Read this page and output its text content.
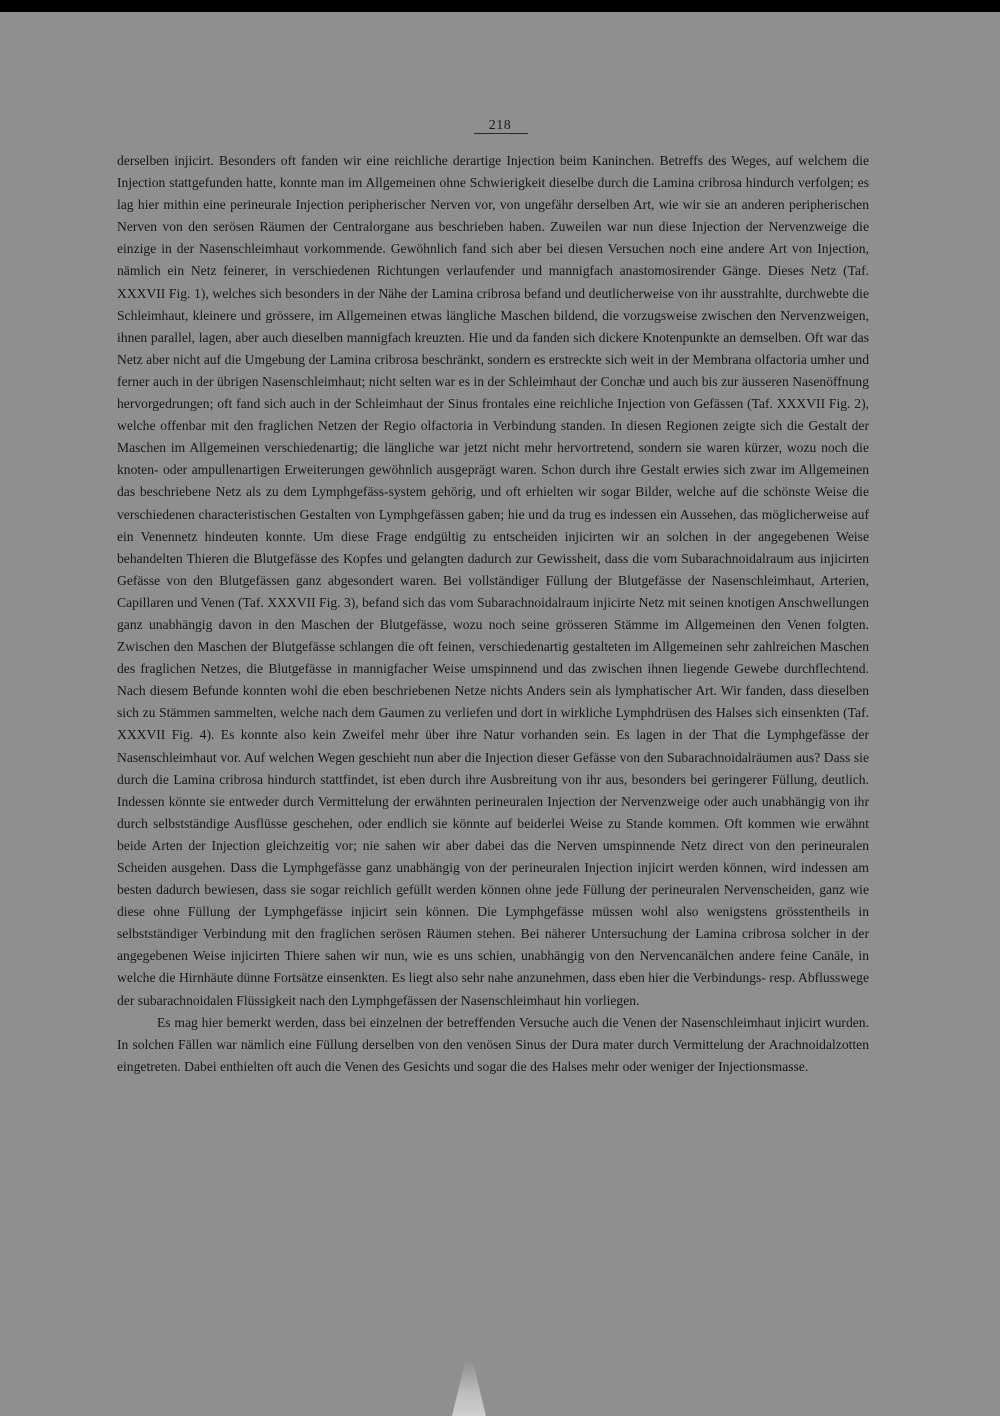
218

derselben injicirt. Besonders oft fanden wir eine reichliche derartige Injection beim Kaninchen. Betreffs des Weges, auf welchem die Injection stattgefunden hatte, konnte man im Allgemeinen ohne Schwierigkeit dieselbe durch die Lamina cribrosa hindurch verfolgen; es lag hier mithin eine perineurale Injection peripherischer Nerven vor, von ungefähr derselben Art, wie wir sie an anderen peripherischen Nerven von den serösen Räumen der Centralorgane aus beschrieben haben. Zuweilen war nun diese Injection der Nervenzweige die einzige in der Nasenschleimhaut vorkommende. Gewöhnlich fand sich aber bei diesen Versuchen noch eine andere Art von Injection, nämlich ein Netz feinerer, in verschiedenen Richtungen verlaufender und mannigfach anastomosirender Gänge. Dieses Netz (Taf. XXXVII Fig. 1), welches sich besonders in der Nähe der Lamina cribrosa befand und deutlicherweise von ihr ausstrahlte, durchwebte die Schleimhaut, kleinere und grössere, im Allgemeinen etwas längliche Maschen bildend, die vorzugsweise zwischen den Nervenzweigen, ihnen parallel, lagen, aber auch dieselben mannigfach kreuzten. Hie und da fanden sich dickere Knotenpunkte an demselben. Oft war das Netz aber nicht auf die Umgebung der Lamina cribrosa beschränkt, sondern es erstreckte sich weit in der Membrana olfactoria umher und ferner auch in der übrigen Nasenschleimhaut; nicht selten war es in der Schleimhaut der Conchæ und auch bis zur äusseren Nasenöffnung hervorgedrungen; oft fand sich auch in der Schleimhaut der Sinus frontales eine reichliche Injection von Gefässen (Taf. XXXVII Fig. 2), welche offenbar mit den fraglichen Netzen der Regio olfactoria in Verbindung standen. In diesen Regionen zeigte sich die Gestalt der Maschen im Allgemeinen verschiedenartig; die längliche war jetzt nicht mehr hervortretend, sondern sie waren kürzer, wozu noch die knoten- oder ampullenartigen Erweiterungen gewöhnlich ausgeprägt waren. Schon durch ihre Gestalt erwies sich zwar im Allgemeinen das beschriebene Netz als zu dem Lymphgefäss-system gehörig, und oft erhielten wir sogar Bilder, welche auf die schönste Weise die verschiedenen characteristischen Gestalten von Lymphgefässen gaben; hie und da trug es indessen ein Aussehen, das möglicherweise auf ein Venennetz hindeuten konnte. Um diese Frage endgültig zu entscheiden injicirten wir an solchen in der angegebenen Weise behandelten Thieren die Blutgefässe des Kopfes und gelangten dadurch zur Gewissheit, dass die vom Subarachnoidalraum aus injicirten Gefässe von den Blutgefässen ganz abgesondert waren. Bei vollständiger Füllung der Blutgefässe der Nasenschleimhaut, Arterien, Capillaren und Venen (Taf. XXXVII Fig. 3), befand sich das vom Subarachnoidalraum injicirte Netz mit seinen knotigen Anschwellungen ganz unabhängig davon in den Maschen der Blutgefässe, wozu noch seine grösseren Stämme im Allgemeinen den Venen folgten. Zwischen den Maschen der Blutgefässe schlangen die oft feinen, verschiedenartig gestalteten im Allgemeinen sehr zahlreichen Maschen des fraglichen Netzes, die Blutgefässe in mannigfacher Weise umspinnend und das zwischen ihnen liegende Gewebe durchflechtend. Nach diesem Befunde konnten wohl die eben beschriebenen Netze nichts Anders sein als lymphatischer Art. Wir fanden, dass dieselben sich zu Stämmen sammelten, welche nach dem Gaumen zu verliefen und dort in wirkliche Lymphdrüsen des Halses sich einsenkten (Taf. XXXVII Fig. 4). Es konnte also kein Zweifel mehr über ihre Natur vorhanden sein. Es lagen in der That die Lymphgefässe der Nasenschleimhaut vor. Auf welchen Wegen geschieht nun aber die Injection dieser Gefässe von den Subarachnoidalräumen aus? Dass sie durch die Lamina cribrosa hindurch stattfindet, ist eben durch ihre Ausbreitung von ihr aus, besonders bei geringerer Füllung, deutlich. Indessen könnte sie entweder durch Vermittelung der erwähnten perineuralen Injection der Nervenzweige oder auch unabhängig von ihr durch selbstständige Ausflüsse geschehen, oder endlich sie könnte auf beiderlei Weise zu Stande kommen. Oft kommen wie erwähnt beide Arten der Injection gleichzeitig vor; nie sahen wir aber dabei das die Nerven umspinnende Netz direct von den perineuralen Scheiden ausgehen. Dass die Lymphgefässe ganz unabhängig von der perineuralen Injection injicirt werden können, wird indessen am besten dadurch bewiesen, dass sie sogar reichlich gefüllt werden können ohne jede Füllung der perineuralen Nervenscheiden, ganz wie diese ohne Füllung der Lymphgefässe injicirt sein können. Die Lymphgefässe müssen wohl also wenigstens grösstentheils in selbstständiger Verbindung mit den fraglichen serösen Räumen stehen. Bei näherer Untersuchung der Lamina cribrosa solcher in der angegebenen Weise injicirten Thiere sahen wir nun, wie es uns schien, unabhängig von den Nervencanälchen andere feine Canäle, in welche die Hirnhäute dünne Fortsätze einsenkten. Es liegt also sehr nahe anzunehmen, dass eben hier die Verbindungs- resp. Abflusswege der subarachnoidalen Flüssigkeit nach den Lymphgefässen der Nasenschleimhaut hin vorliegen.

Es mag hier bemerkt werden, dass bei einzelnen der betreffenden Versuche auch die Venen der Nasenschleimhaut injicirt wurden. In solchen Fällen war nämlich eine Füllung derselben von den venösen Sinus der Dura mater durch Vermittelung der Arachnoidalzotten eingetreten. Dabei enthielten oft auch die Venen des Gesichts und sogar die des Halses mehr oder weniger der Injectionsmasse.
